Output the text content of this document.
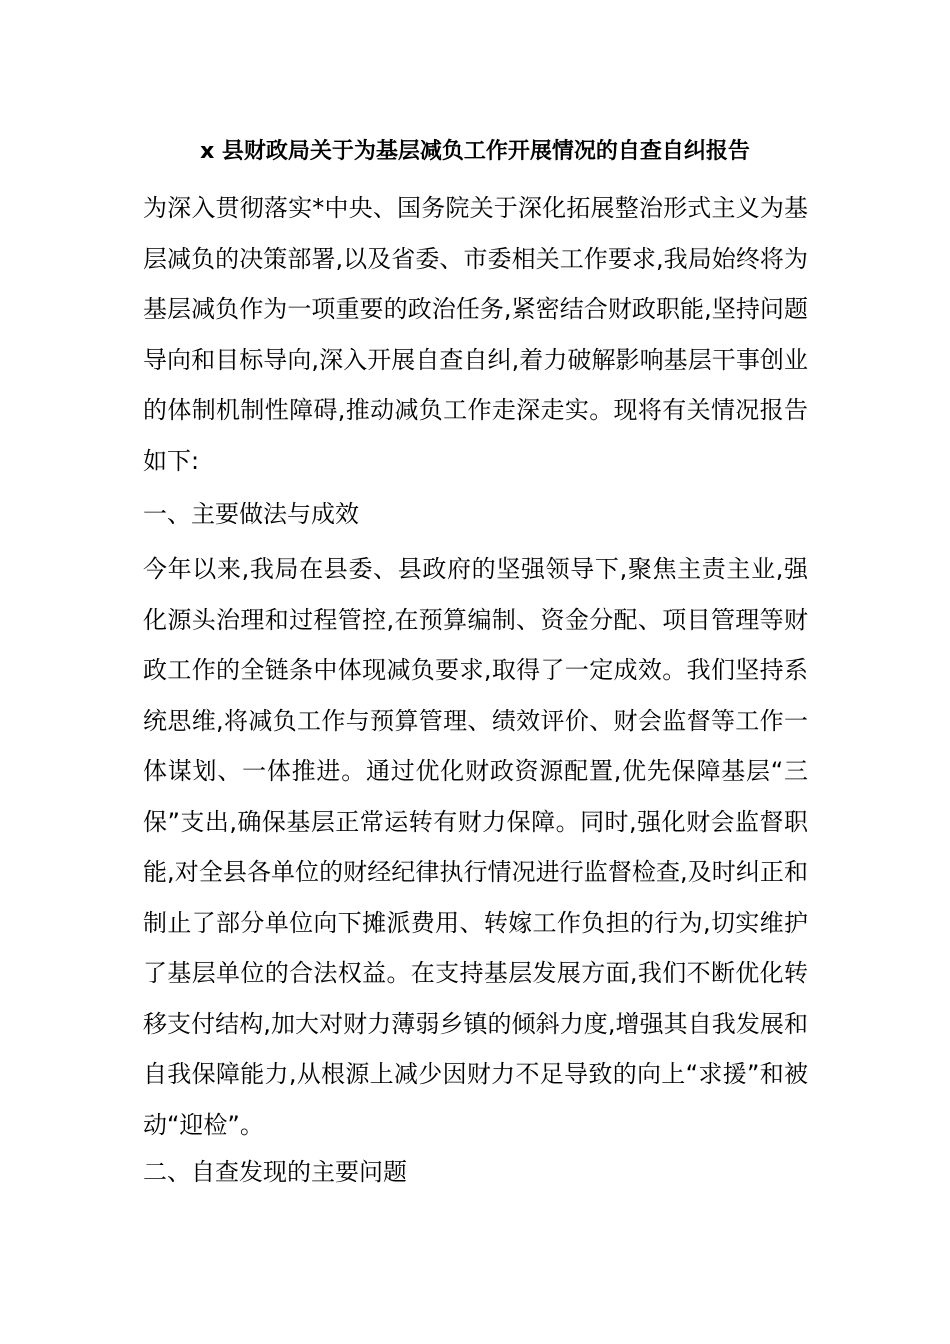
x 县财政局关于为基层减负工作开展情况的自查自纠报告

为深入贯彻落实*中央、国务院关于深化拓展整治形式主义为基层减负的决策部署,以及省委、市委相关工作要求,我局始终将为基层减负作为一项重要的政治任务,紧密结合财政职能,坚持问题导向和目标导向,深入开展自查自纠,着力破解影响基层干事创业的体制机制性障碍,推动减负工作走深走实。现将有关情况报告如下:

一、主要做法与成效

今年以来,我局在县委、县政府的坚强领导下,聚焦主责主业,强化源头治理和过程管控,在预算编制、资金分配、项目管理等财政工作的全链条中体现减负要求,取得了一定成效。我们坚持系统思维,将减负工作与预算管理、绩效评价、财会监督等工作一体谋划、一体推进。通过优化财政资源配置,优先保障基层“三保”支出,确保基层正常运转有财力保障。同时,强化财会监督职能,对全县各单位的财经纪律执行情况进行监督检查,及时纠正和制止了部分单位向下摊派费用、转嫁工作负担的行为,切实维护了基层单位的合法权益。在支持基层发展方面,我们不断优化转移支付结构,加大对财力薄弱乡镇的倾斜力度,增强其自我发展和自我保障能力,从根源上减少因财力不足导致的向上“求援”和被动“迎检”。

二、自查发现的主要问题
